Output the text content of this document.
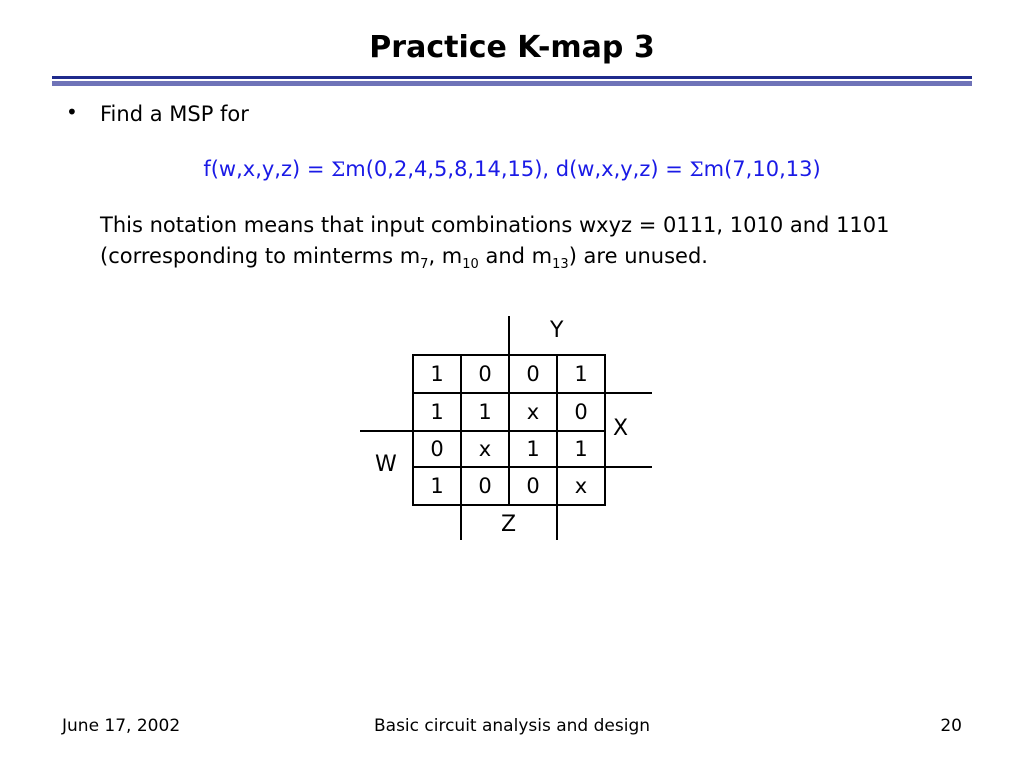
Practice K-map 3
• Find a MSP for
f(w,x,y,z) = Σm(0,2,4,5,8,14,15), d(w,x,y,z) = Σm(7,10,13)
This notation means that input combinations wxyz = 0111, 1010 and 1101
(corresponding to minterms $m_7$, $m_{10}$ and $m_{13}$) are unused.
1	0	0	1
1	1	x	0
0	x	1	1
1	0	0	x
Y
X
W
Z
June 17, 2002	Basic circuit analysis and design	20
